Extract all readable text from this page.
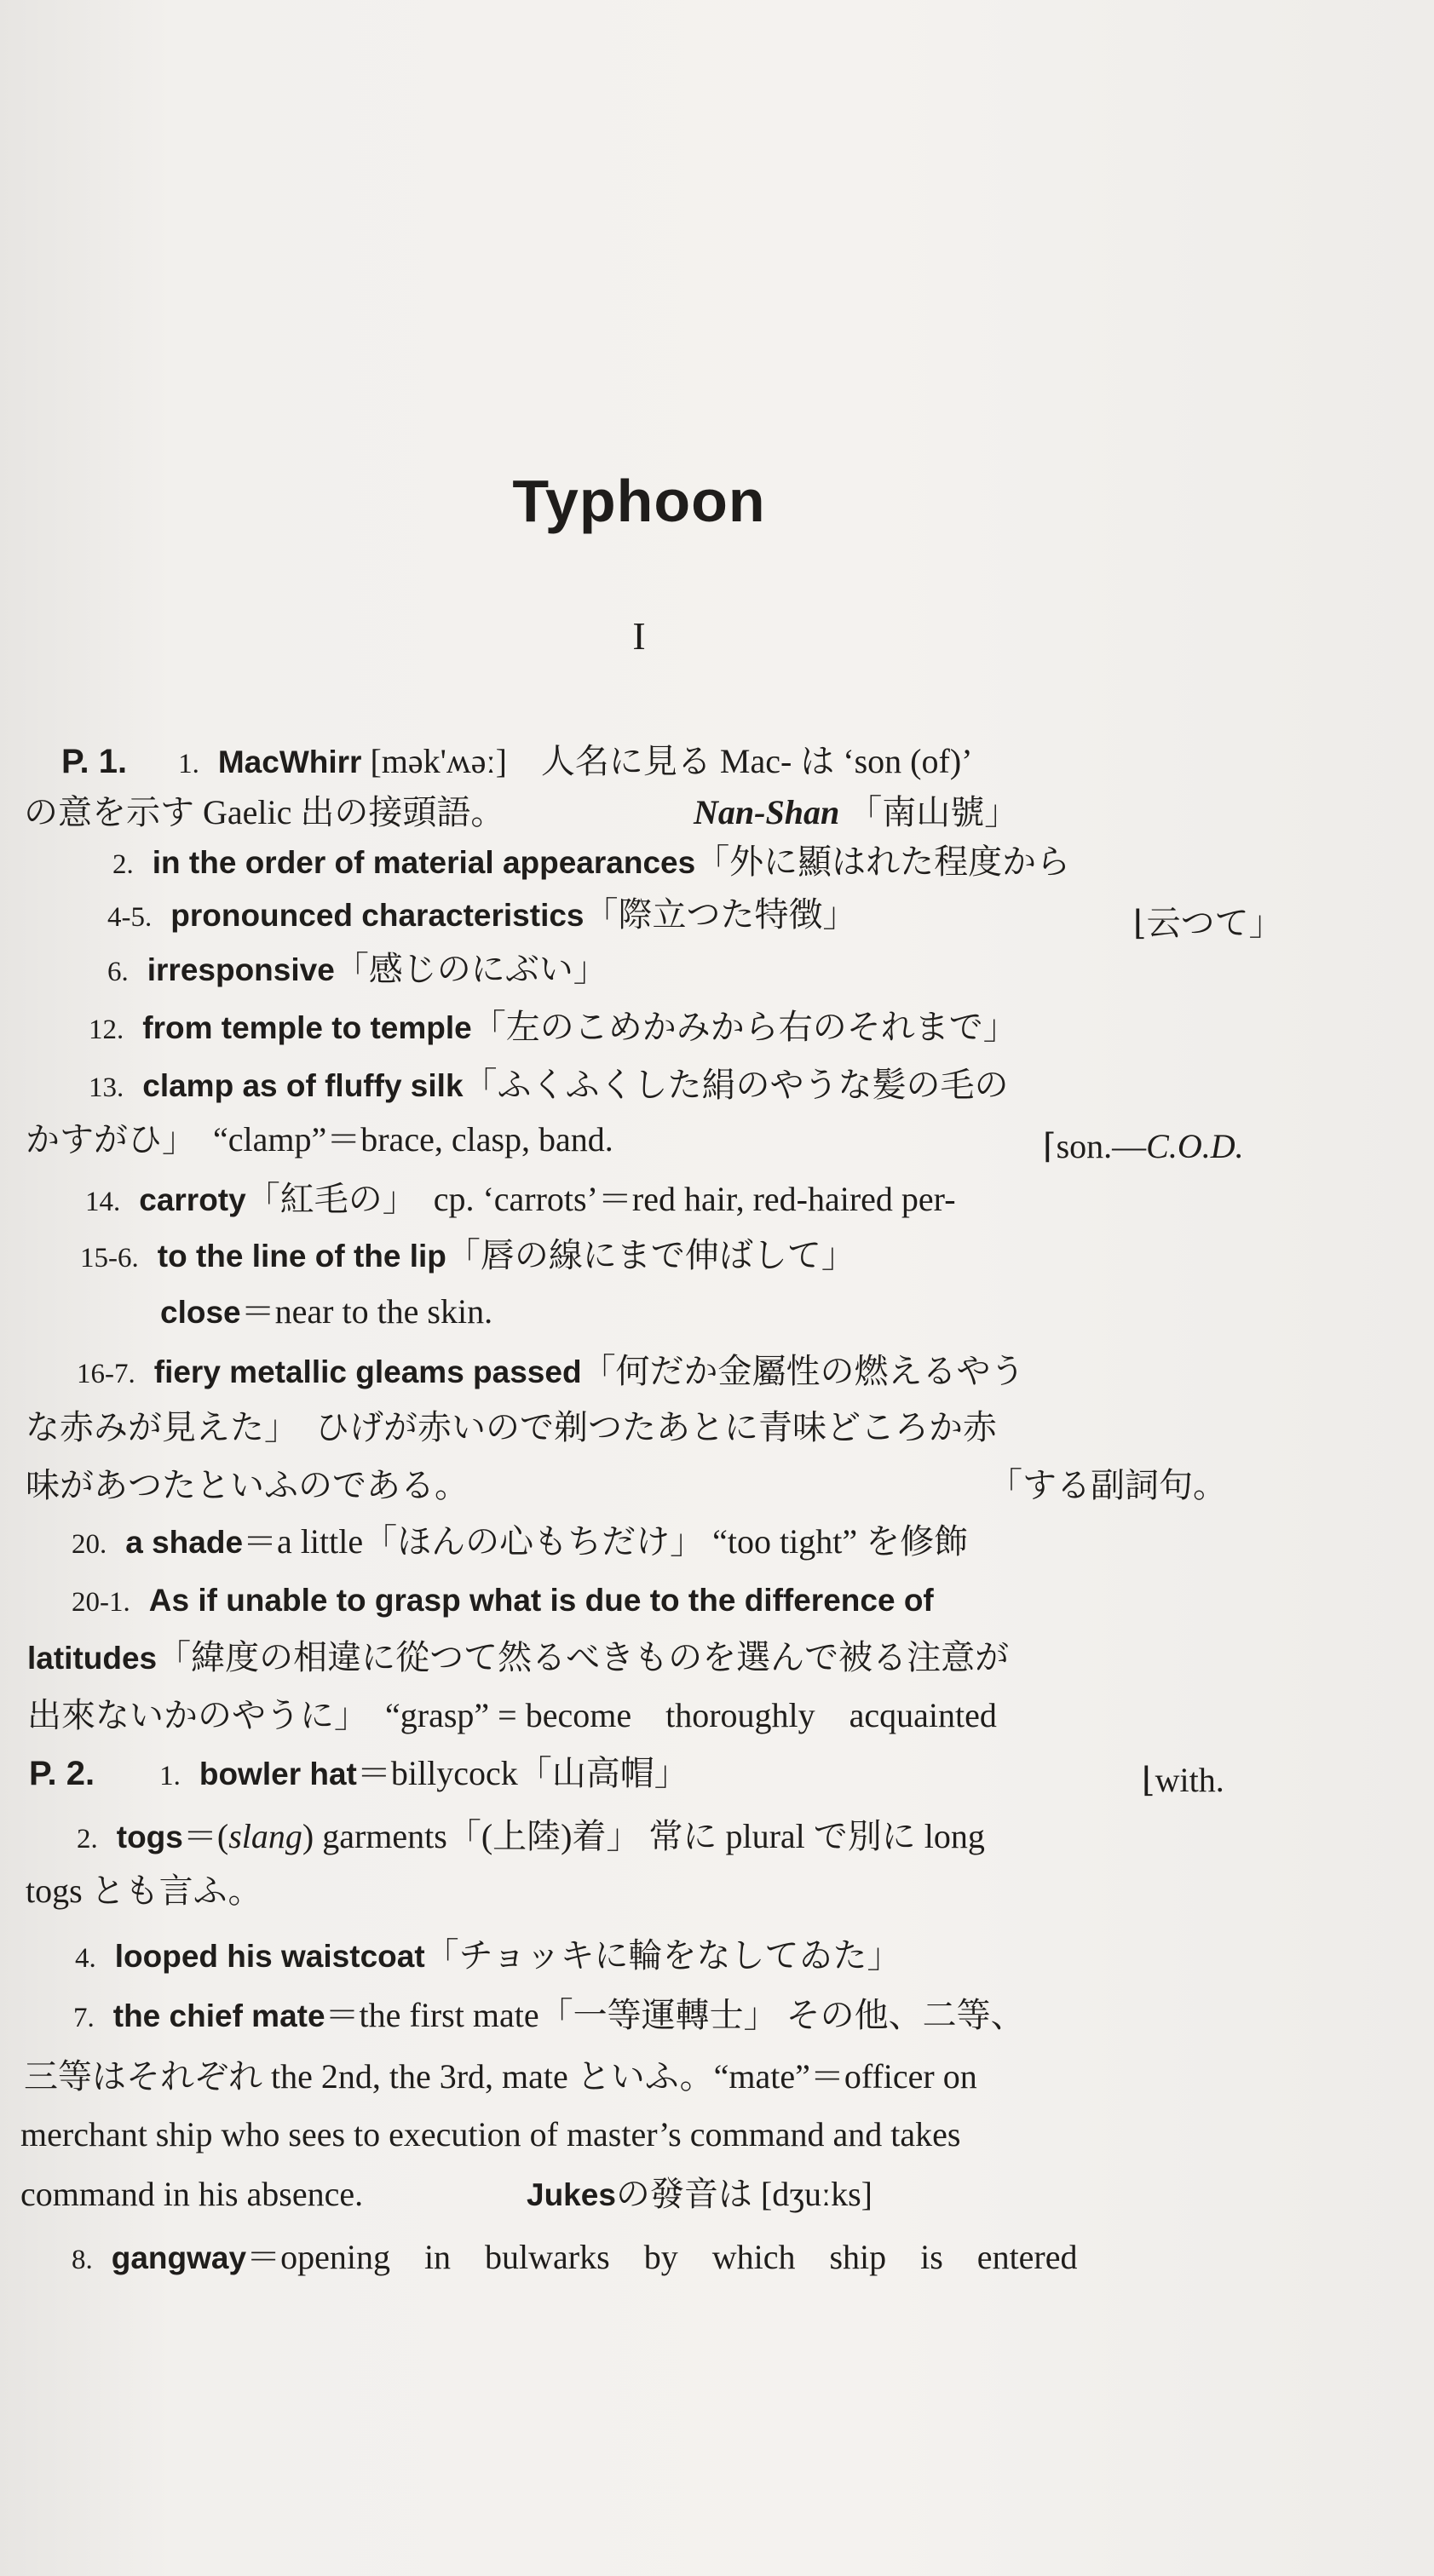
Typhoon
I
P. 1. 1. MacWhirr [mək'ʍəː]　人名に見る Mac- は ‘son (of)’
の意を示す Gaelic 出の接頭語。	Nan-Shan 「南山號」
2. in the order of material appearances「外に顯はれた程度から
4-5. pronounced characteristics「際立つた特徴」	⌊云つて」
6. irresponsive「感じのにぶい」
12. from temple to temple「左のこめかみから右のそれまで」
13. clamp as of fluffy silk「ふくふくした絹のやうな髪の毛の
かすがひ」　“clamp”＝brace, clasp, band.	⌈son.—C.O.D.
14. carroty「紅毛の」　cp. ‘carrots’＝red hair, red-haired per-
15-6. to the line of the lip「唇の線にまで伸ばして」
close＝near to the skin.
16-7. fiery metallic gleams passed「何だか金屬性の燃えるやう
な赤みが見えた」　ひげが赤いので剃つたあとに青味どころか赤
味があつたといふのである。	「する副詞句。
20. a shade＝a little「ほんの心もちだけ」 “too tight” を修飾
20-1. As if unable to grasp what is due to the difference of
latitudes「緯度の相違に從つて然るべきものを選んで被る注意が
出來ないかのやうに」　“grasp” = become　thoroughly　acquainted
P. 2. 1. bowler hat＝billycock「山高帽」	⌊with.
2. togs＝(slang) garments「(上陸)着」 常に plural で別に long
togs とも言ふ。
4. looped his waistcoat「チョッキに輪をなしてゐた」
7. the chief mate＝the first mate「一等運轉士」 その他、二等、
三等はそれぞれ the 2nd, the 3rd, mate といふ。“mate”＝officer on
merchant ship who sees to execution of master’s command and takes
command in his absence.	Jukesの發音は [dʒuːks]
8. gangway＝opening　in　bulwarks　by　which　ship　is　entered
